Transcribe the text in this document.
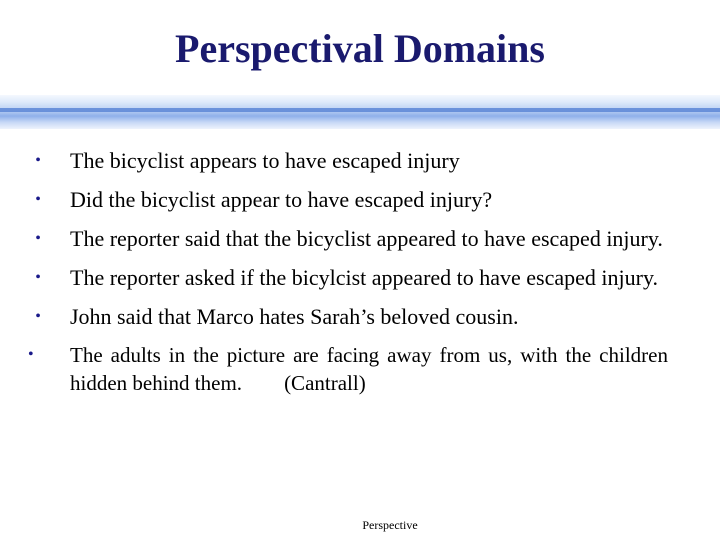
Perspectival Domains
•	The bicyclist appears to have escaped injury
•	Did the bicyclist appear to have escaped injury?
•	The reporter said that the bicyclist appeared to have escaped injury.
•	The reporter asked if the bicylcist appeared to have escaped injury.
•	John said that Marco hates Sarah’s beloved cousin.
•	The adults in the picture are facing away from us, with the children hidden behind them. (Cantrall)
Perspective
